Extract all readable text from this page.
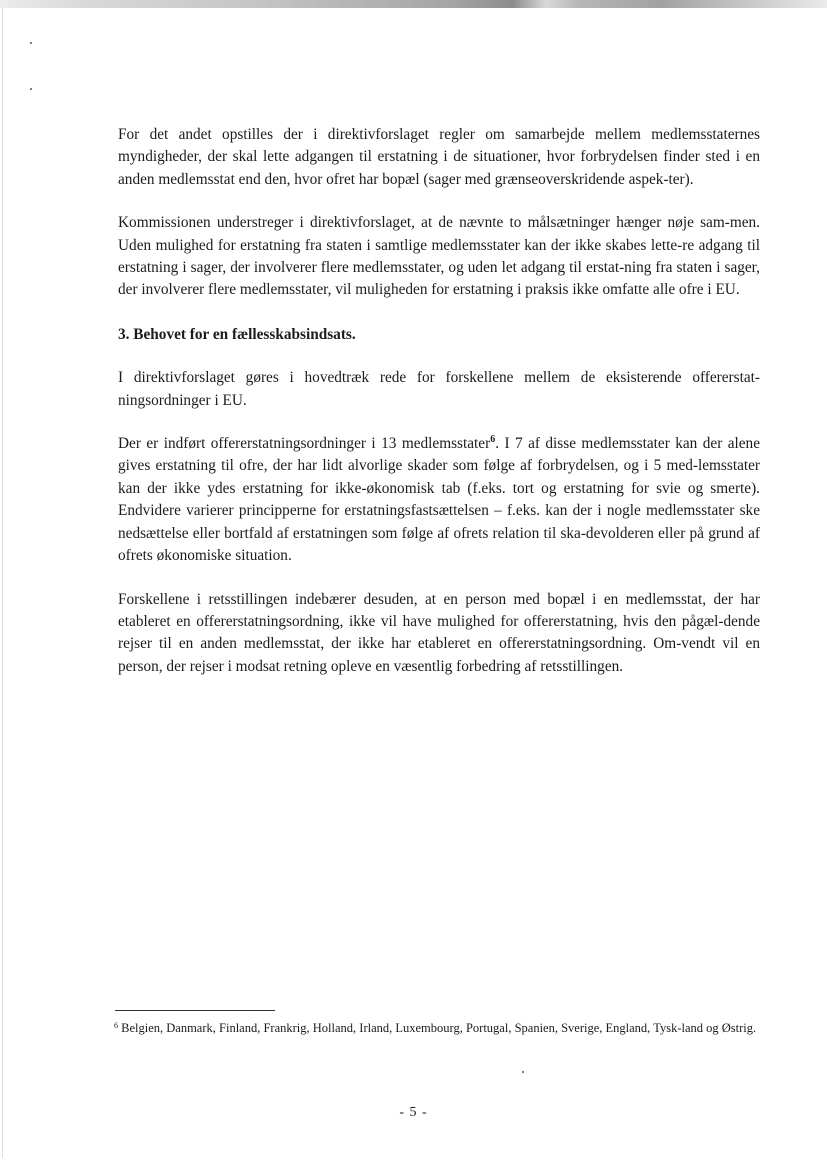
For det andet opstilles der i direktivforslaget regler om samarbejde mellem medlemsstaternes myndigheder, der skal lette adgangen til erstatning i de situationer, hvor forbrydelsen finder sted i en anden medlemsstat end den, hvor ofret har bopæl (sager med grænseoverskridende aspek-ter).

Kommissionen understreger i direktivforslaget, at de nævnte to målsætninger hænger nøje sam-men. Uden mulighed for erstatning fra staten i samtlige medlemsstater kan der ikke skabes lette-re adgang til erstatning i sager, der involverer flere medlemsstater, og uden let adgang til erstat-ning fra staten i sager, der involverer flere medlemsstater, vil muligheden for erstatning i praksis ikke omfatte alle ofre i EU.

3. Behovet for en fællesskabsindsats.

I direktivforslaget gøres i hovedtræk rede for forskellene mellem de eksisterende offererstat-ningsordninger i EU.

Der er indført offererstatningsordninger i 13 medlemsstater$^6$. I 7 af disse medlemsstater kan der alene gives erstatning til ofre, der har lidt alvorlige skader som følge af forbrydelsen, og i 5 med-lemsstater kan der ikke ydes erstatning for ikke-økonomisk tab (f.eks. tort og erstatning for svie og smerte). Endvidere varierer principperne for erstatningsfastsættelsen – f.eks. kan der i nogle medlemsstater ske nedsættelse eller bortfald af erstatningen som følge af ofrets relation til ska-devolderen eller på grund af ofrets økonomiske situation.

Forskellene i retsstillingen indebærer desuden, at en person med bopæl i en medlemsstat, der har etableret en offererstatningsordning, ikke vil have mulighed for offererstatning, hvis den pågæl-dende rejser til en anden medlemsstat, der ikke har etableret en offererstatningsordning. Om-vendt vil en person, der rejser i modsat retning opleve en væsentlig forbedring af retsstillingen.

$^6$ Belgien, Danmark, Finland, Frankrig, Holland, Irland, Luxembourg, Portugal, Spanien, Sverige, England, Tysk-land og Østrig.
- 5 -
